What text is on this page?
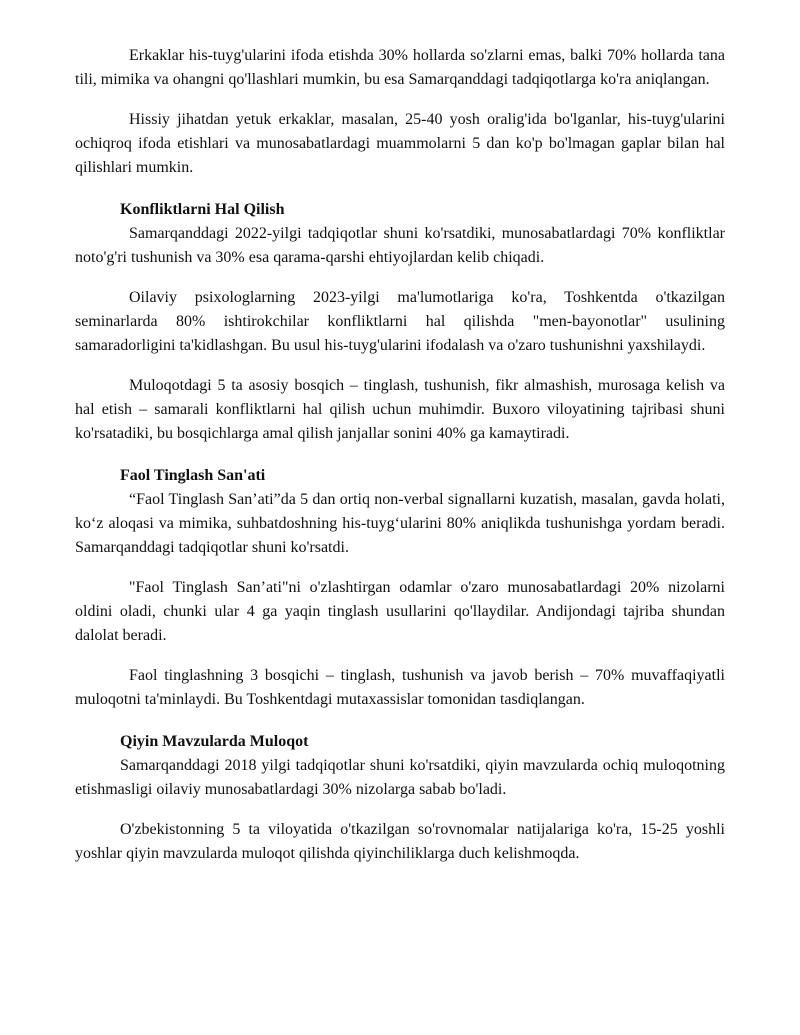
Erkaklar his-tuyg'ularini ifoda etishda 30% hollarda so'zlarni emas, balki 70% hollarda tana tili, mimika va ohangni qo'llashlari mumkin, bu esa Samarqanddagi tadqiqotlarga ko'ra aniqlangan.

Hissiy jihatdan yetuk erkaklar, masalan, 25-40 yosh oralig'ida bo'lganlar, his-tuyg'ularini ochiqroq ifoda etishlari va munosabatlardagi muammolarni 5 dan ko'p bo'lmagan gaplar bilan hal qilishlari mumkin.

Konfliktlarni Hal Qilish

Samarqanddagi 2022-yilgi tadqiqotlar shuni ko'rsatdiki, munosabatlardagi 70% konfliktlar noto'g'ri tushunish va 30% esa qarama-qarshi ehtiyojlardan kelib chiqadi.

Oilaviy psixologlarning 2023-yilgi ma'lumotlariga ko'ra, Toshkentda o'tkazilgan seminarlarda 80% ishtirokchilar konfliktlarni hal qilishda "men-bayonotlar" usulining samaradorligini ta'kidlashgan. Bu usul his-tuyg'ularini ifodalash va o'zaro tushunishni yaxshilaydi.

Muloqotdagi 5 ta asosiy bosqich – tinglash, tushunish, fikr almashish, murosaga kelish va hal etish – samarali konfliktlarni hal qilish uchun muhimdir. Buxoro viloyatining tajribasi shuni ko'rsatadiki, bu bosqichlarga amal qilish janjallar sonini 40% ga kamaytiradi.

Faol Tinglash San'ati

“Faol Tinglash San’ati”da 5 dan ortiq non-verbal signallarni kuzatish, masalan, gavda holati, koʻz aloqasi va mimika, suhbatdoshning his-tuygʻularini 80% aniqlikda tushunishga yordam beradi. Samarqanddagi tadqiqotlar shuni ko'rsatdi.

"Faol Tinglash San’ati"ni o'zlashtirgan odamlar o'zaro munosabatlardagi 20% nizolarni oldini oladi, chunki ular 4 ga yaqin tinglash usullarini qo'llaydilar. Andijondagi tajriba shundan dalolat beradi.

Faol tinglashning 3 bosqichi – tinglash, tushunish va javob berish – 70% muvaffaqiyatli muloqotni ta'minlaydi. Bu Toshkentdagi mutaxassislar tomonidan tasdiqlangan.

Qiyin Mavzularda Muloqot

Samarqanddagi 2018 yilgi tadqiqotlar shuni ko'rsatdiki, qiyin mavzularda ochiq muloqotning etishmasligi oilaviy munosabatlardagi 30% nizolarga sabab bo'ladi.

O'zbekistonning 5 ta viloyatida o'tkazilgan so'rovnomalar natijalariga ko'ra, 15-25 yoshli yoshlar qiyin mavzularda muloqot qilishda qiyinchiliklarga duch kelishmoqda.
